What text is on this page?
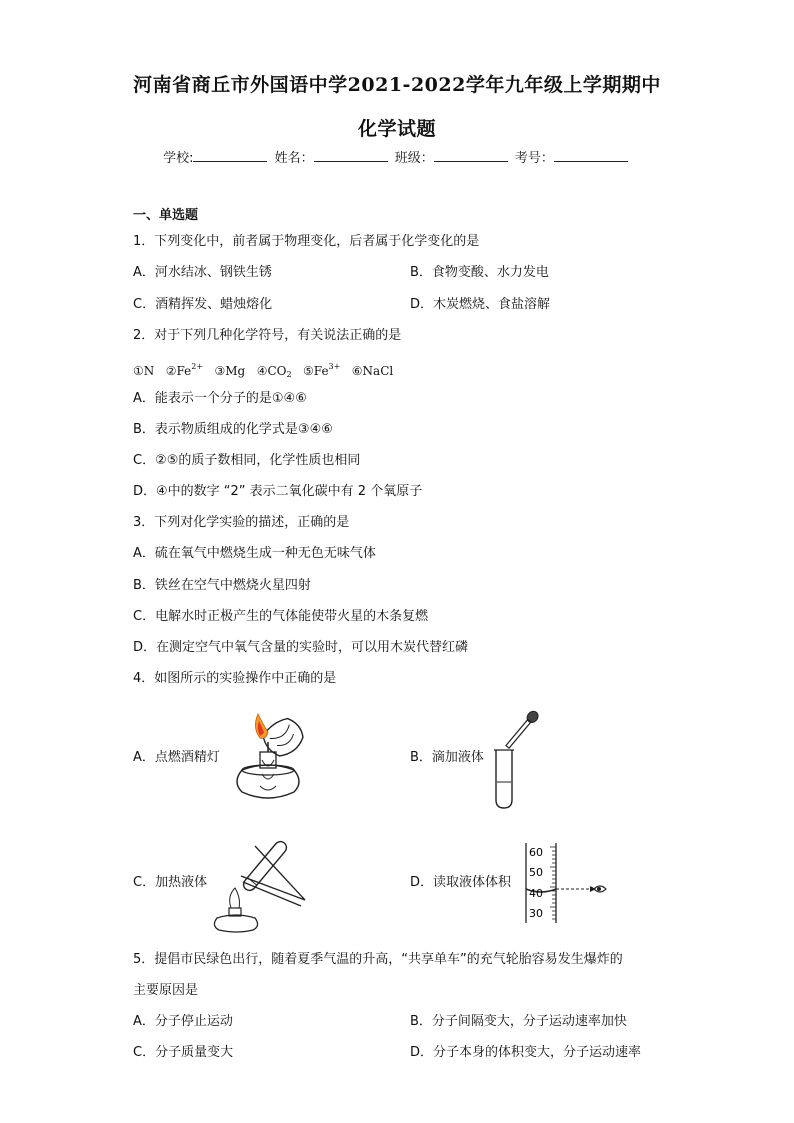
河南省商丘市外国语中学2021-2022学年九年级上学期期中
化学试题
学校:	姓名：	班级：	考号：
一、单选题
1．下列变化中，前者属于物理变化，后者属于化学变化的是
A．河水结冰、钢铁生锈	B．食物变酸、水力发电
C．酒精挥发、蜡烛熔化	D．木炭燃烧、食盐溶解
2．对于下列几种化学符号，有关说法正确的是
①N $②Fe^{2+}$ ③Mg $④CO_2$ $⑤Fe^{3+}$ ⑥NaCl
A．能表示一个分子的是①④⑥
B．表示物质组成的化学式是③④⑥
C．②⑤的质子数相同，化学性质也相同
D．④中的数字 “2” 表示二氧化碳中有 2 个氧原子
3．下列对化学实验的描述，正确的是
A．硫在氧气中燃烧生成一种无色无味气体
B．铁丝在空气中燃烧火星四射
C．电解水时正极产生的气体能使带火星的木条复燃
D．在测定空气中氧气含量的实验时，可以用木炭代替红磷
4．如图所示的实验操作中正确的是
A．点燃酒精灯	B．滴加液体
C．加热液体	D．读取液体体积
60
50
40
30
5．提倡市民绿色出行，随着夏季气温的升高，“共享单车”的充气轮胎容易发生爆炸的
主要原因是
A．分子停止运动	B．分子间隔变大，分子运动速率加快
C．分子质量变大	D．分子本身的体积变大，分子运动速率
